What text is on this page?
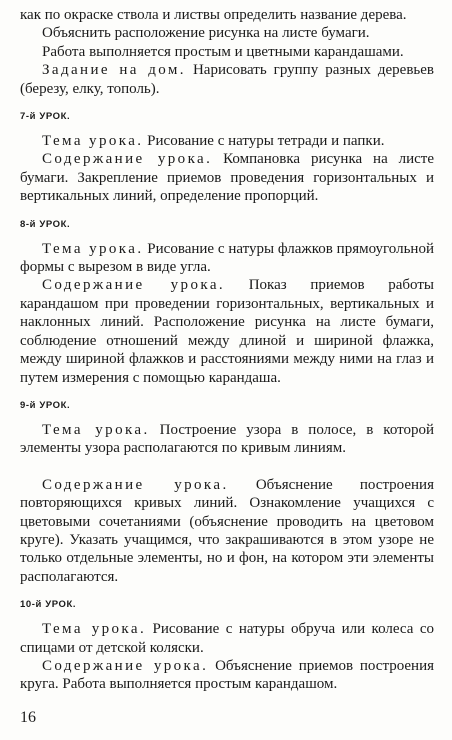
как по окраске ствола и листвы определить название дерева.

Объяснить расположение рисунка на листе бумаги.

Работа выполняется простым и цветными карандашами.

Задание на дом. Нарисовать группу разных деревьев (березу, елку, тополь).

7-й УРОК.

Тема урока. Рисование с натуры тетради и папки.

Содержание урока. Компановка рисунка на листе бумаги. Закрепление приемов проведения горизонтальных и вертикальных линий, определение пропорций.

8-й УРОК.

Тема урока. Рисование с натуры флажков прямоугольной формы с вырезом в виде угла.

Содержание урока. Показ приемов работы карандашом при проведении горизонтальных, вертикальных и наклонных линий. Расположение рисунка на листе бумаги, соблюдение отношений между длиной и шириной флажка, между шириной флажков и расстояниями между ними на глаз и путем измерения с помощью карандаша.

9-й УРОК.

Тема урока. Построение узора в полосе, в которой элементы узора располагаются по кривым линиям.

Содержание урока. Объяснение построения повторяющихся кривых линий. Ознакомление учащихся с цветовыми сочетаниями (объяснение проводить на цветовом круге). Указать учащимся, что закрашиваются в этом узоре не только отдельные элементы, но и фон, на котором эти элементы располагаются.

10-й УРОК.

Тема урока. Рисование с натуры обруча или колеса со спицами от детской коляски.

Содержание урока. Объяснение приемов построения круга. Работа выполняется простым карандашом.

16
